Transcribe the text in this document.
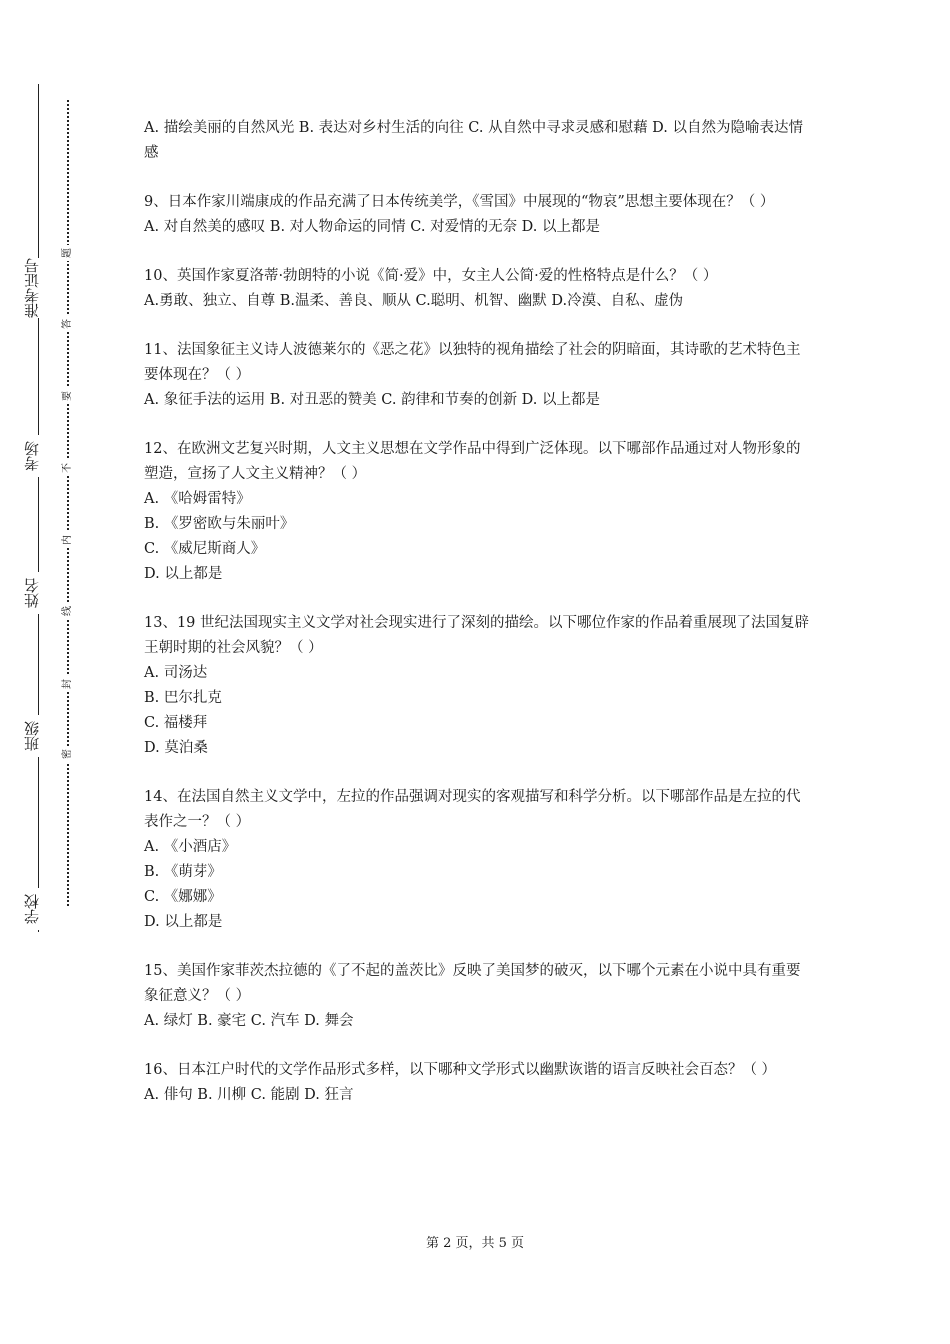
准考证号
考场
姓名
班级
学校
题
答
要
不
内
线
封
密

A. 描绘美丽的自然风光 B. 表达对乡村生活的向往 C. 从自然中寻求灵感和慰藉 D. 以自然为隐喻表达情感

9、日本作家川端康成的作品充满了日本传统美学，《雪国》中展现的“物哀”思想主要体现在？（ ）

A. 对自然美的感叹 B. 对人物命运的同情 C. 对爱情的无奈 D. 以上都是

10、英国作家夏洛蒂·勃朗特的小说《简·爱》中，女主人公简·爱的性格特点是什么？（ ）

A.勇敢、独立、自尊 B.温柔、善良、顺从 C.聪明、机智、幽默 D.冷漠、自私、虚伪

11、法国象征主义诗人波德莱尔的《恶之花》以独特的视角描绘了社会的阴暗面，其诗歌的艺术特色主要体现在？（ ）

A. 象征手法的运用 B. 对丑恶的赞美 C. 韵律和节奏的创新 D. 以上都是

12、在欧洲文艺复兴时期，人文主义思想在文学作品中得到广泛体现。以下哪部作品通过对人物形象的塑造，宣扬了人文主义精神？（ ）

A. 《哈姆雷特》

B. 《罗密欧与朱丽叶》

C. 《威尼斯商人》

D. 以上都是

13、19 世纪法国现实主义文学对社会现实进行了深刻的描绘。以下哪位作家的作品着重展现了法国复辟王朝时期的社会风貌？（ ）

A. 司汤达

B. 巴尔扎克

C. 福楼拜

D. 莫泊桑

14、在法国自然主义文学中，左拉的作品强调对现实的客观描写和科学分析。以下哪部作品是左拉的代表作之一？（ ）

A. 《小酒店》

B. 《萌芽》

C. 《娜娜》

D. 以上都是

15、美国作家菲茨杰拉德的《了不起的盖茨比》反映了美国梦的破灭，以下哪个元素在小说中具有重要象征意义？（ ）

A. 绿灯 B. 豪宅 C. 汽车 D. 舞会

16、日本江户时代的文学作品形式多样，以下哪种文学形式以幽默诙谐的语言反映社会百态？（ ）

A. 俳句 B. 川柳 C. 能剧 D. 狂言

第 2 页，共 5 页
